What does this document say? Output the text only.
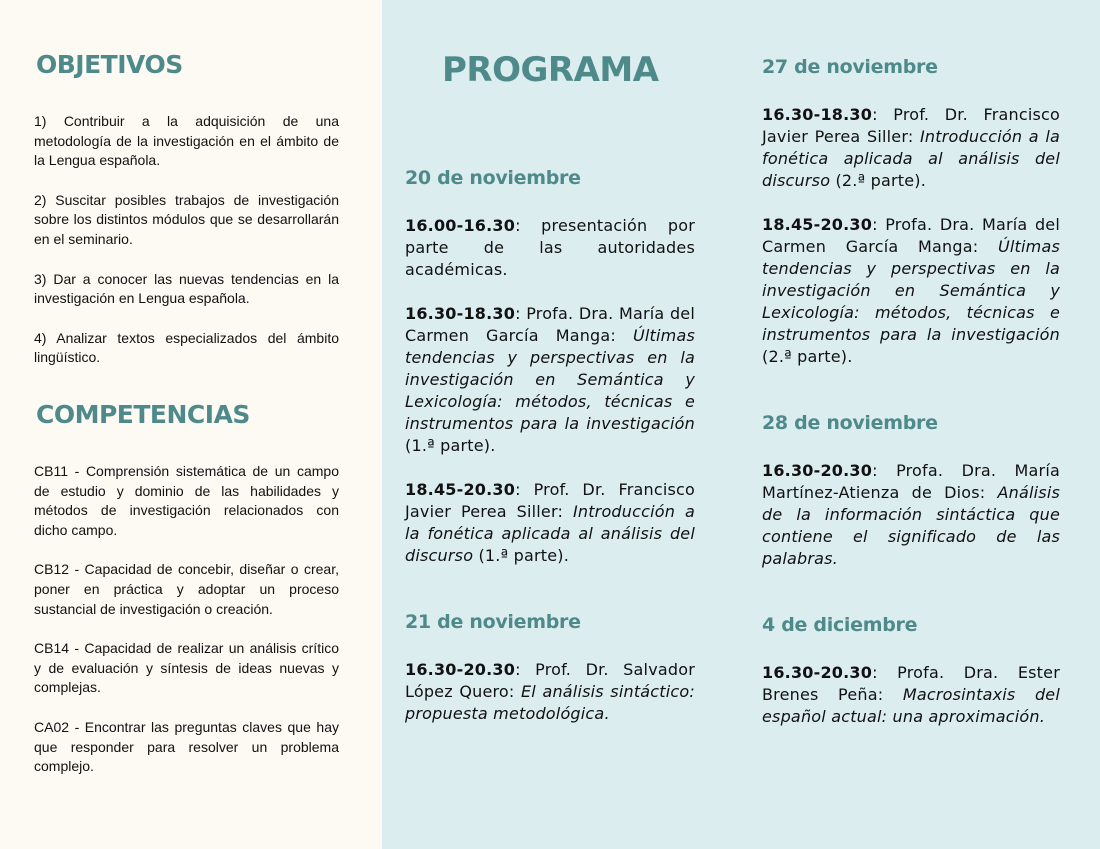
OBJETIVOS

1) Contribuir a la adquisición de una metodología de la investigación en el ámbito de la Lengua española.

2) Suscitar posibles trabajos de investigación sobre los distintos módulos que se desarrollarán en el seminario.

3) Dar a conocer las nuevas tendencias en la investigación en Lengua española.

4) Analizar textos especializados del ámbito lingüístico.

COMPETENCIAS

CB11 - Comprensión sistemática de un campo de estudio y dominio de las habilidades y métodos de investigación relacionados con dicho campo.

CB12 - Capacidad de concebir, diseñar o crear, poner en práctica y adoptar un proceso sustancial de investigación o creación.

CB14 - Capacidad de realizar un análisis crítico y de evaluación y síntesis de ideas nuevas y complejas.

CA02 - Encontrar las preguntas claves que hay que responder para resolver un problema complejo.

PROGRAMA
20 de noviembre

16.00-16.30: presentación por parte de las autoridades académicas.

16.30-18.30: Profa. Dra. María del Carmen García Manga: Últimas tendencias y perspectivas en la investigación en Semántica y Lexicología: métodos, técnicas e instrumentos para la investigación (1.ª parte).

18.45-20.30: Prof. Dr. Francisco Javier Perea Siller: Introducción a la fonética aplicada al análisis del discurso (1.ª parte).

21 de noviembre

16.30-20.30: Prof. Dr. Salvador López Quero: El análisis sintáctico: propuesta metodológica.

27 de noviembre

16.30-18.30: Prof. Dr. Francisco Javier Perea Siller: Introducción a la fonética aplicada al análisis del discurso (2.ª parte).

18.45-20.30: Profa. Dra. María del Carmen García Manga: Últimas tendencias y perspectivas en la investigación en Semántica y Lexicología: métodos, técnicas e instrumentos para la investigación (2.ª parte).

28 de noviembre

16.30-20.30: Profa. Dra. María Martínez-Atienza de Dios: Análisis de la información sintáctica que contiene el significado de las palabras.

4 de diciembre

16.30-20.30: Profa. Dra. Ester Brenes Peña: Macrosintaxis del español actual: una aproximación.
